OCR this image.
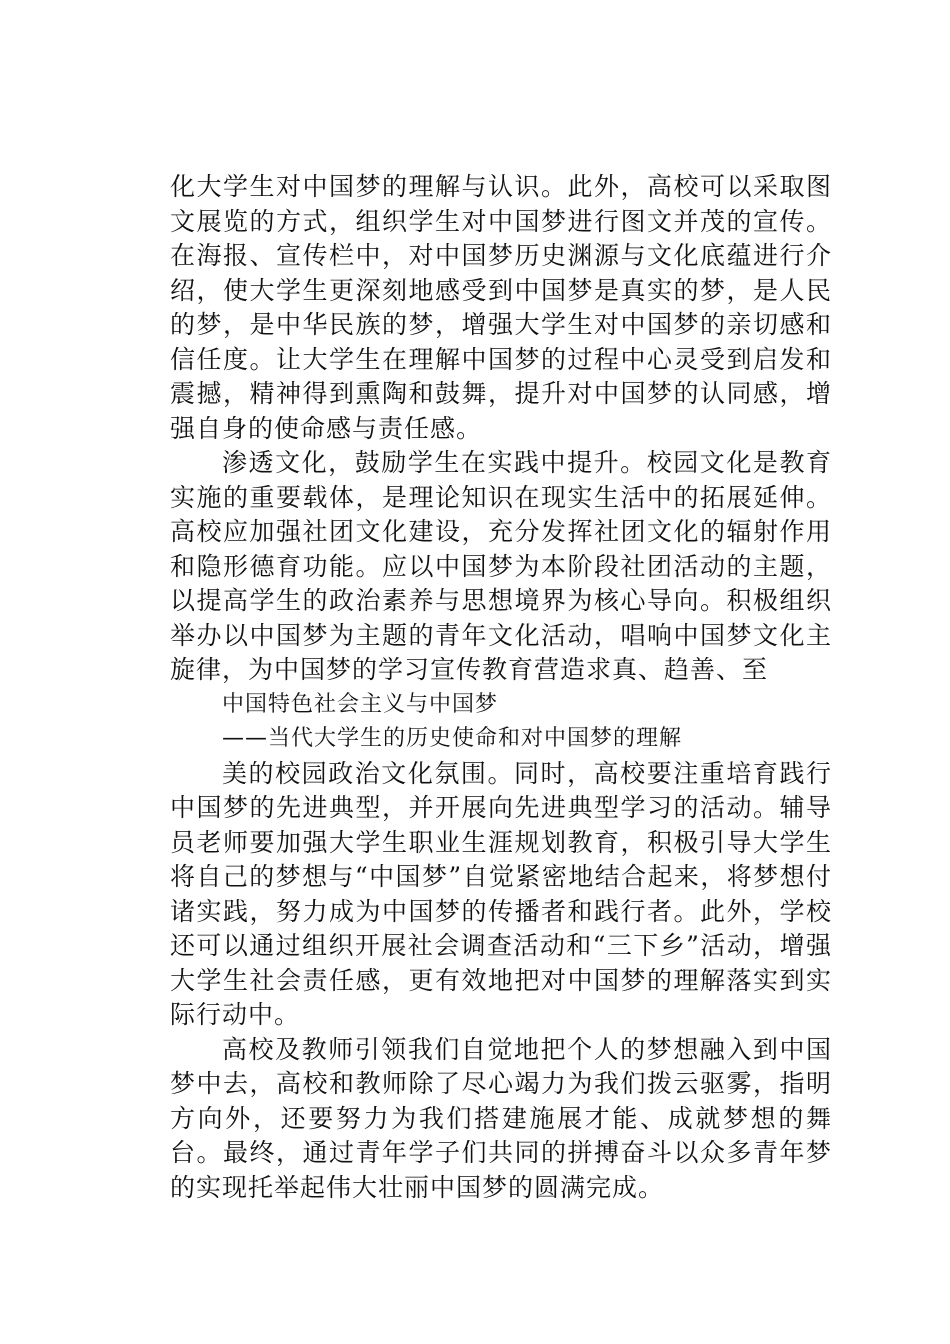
化大学生对中国梦的理解与认识。此外，高校可以采取图文展览的方式，组织学生对中国梦进行图文并茂的宣传。在海报、宣传栏中，对中国梦历史渊源与文化底蕴进行介绍，使大学生更深刻地感受到中国梦是真实的梦，是人民的梦，是中华民族的梦，增强大学生对中国梦的亲切感和信任度。让大学生在理解中国梦的过程中心灵受到启发和震撼，精神得到熏陶和鼓舞，提升对中国梦的认同感，增强自身的使命感与责任感。

渗透文化，鼓励学生在实践中提升。校园文化是教育实施的重要载体，是理论知识在现实生活中的拓展延伸。高校应加强社团文化建设，充分发挥社团文化的辐射作用和隐形德育功能。应以中国梦为本阶段社团活动的主题，以提高学生的政治素养与思想境界为核心导向。积极组织举办以中国梦为主题的青年文化活动，唱响中国梦文化主旋律，为中国梦的学习宣传教育营造求真、趋善、至

中国特色社会主义与中国梦

——当代大学生的历史使命和对中国梦的理解

美的校园政治文化氛围。同时，高校要注重培育践行中国梦的先进典型，并开展向先进典型学习的活动。辅导员老师要加强大学生职业生涯规划教育，积极引导大学生将自己的梦想与“中国梦”自觉紧密地结合起来，将梦想付诸实践，努力成为中国梦的传播者和践行者。此外，学校还可以通过组织开展社会调查活动和“三下乡”活动，增强大学生社会责任感，更有效地把对中国梦的理解落实到实际行动中。

高校及教师引领我们自觉地把个人的梦想融入到中国梦中去，高校和教师除了尽心竭力为我们拨云驱雾，指明方向外，还要努力为我们搭建施展才能、成就梦想的舞台。最终，通过青年学子们共同的拼搏奋斗以众多青年梦的实现托举起伟大壮丽中国梦的圆满完成。
